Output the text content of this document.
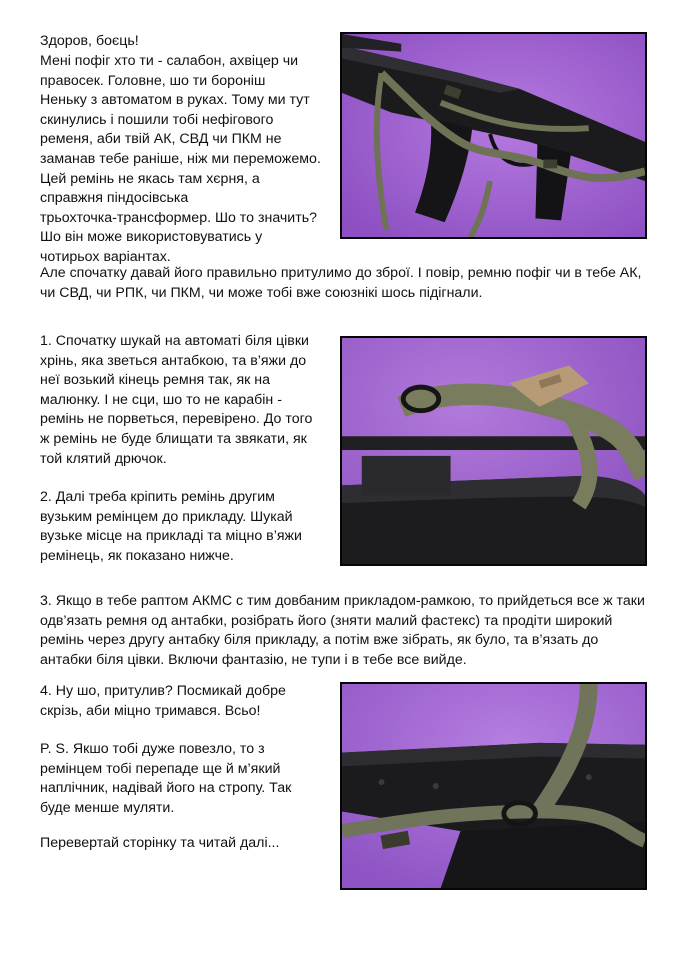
Здоров, боєць!

Мені пофіг хто ти - салабон, ахвіцер чи
правосек. Головне, шо ти бороніш
Неньку з автоматом в руках. Тому ми тут
скинулись і пошили тобі нефігового
ременя, аби твій АК, СВД чи ПКМ не
заманав тебе раніше, ніж ми переможемо.
Цей ремінь не якась там хєрня, а
справжня піндосівська
трьохточка-трансформер. Шо то значить?
Шо він може використовуватись у
чотирьох варіантах.

Але спочатку давай його правильно притулимо до зброї. І повір, ремню пофіг чи в тебе АК,
чи СВД, чи РПК, чи ПКМ, чи може тобі вже союзнікі шось підігнали.

1. Спочатку шукай на автоматі біля цівки
хрінь, яка зветься антабкою, та в’яжи до
неї возький кінець ремня так, як на
малюнку. І не сци, шо то не карабін -
ремінь не порветься, перевірено. До того
ж ремінь не буде блищати та звякати, як
той клятий дрючок.

2. Далі треба кріпить ремінь другим
вузьким ремінцем до прикладу. Шукай
вузьке місце на прикладі та міцно в’яжи
ремінець, як показано нижче.

3. Якщо в тебе раптом АКМС с тим довбаним прикладом-рамкою, то прийдеться все ж таки
одв’язать ремня од антабки, розібрать його (зняти малий фастекс) та продіти широкий
ремінь через другу антабку біля прикладу, а потім вже зібрать, як було, та в’язать до
антабки біля цівки. Включи фантазію, не тупи і в тебе все вийде.

4. Ну шо, притулив? Посмикай добре
скрізь, аби міцно тримався. Всьо!

P. S. Якшо тобі дуже повезло, то з
ремінцем тобі перепаде ще й м’який
наплічник, надівай його на стропу. Так
буде менше муляти.

Перевертай сторінку та читай далі...
